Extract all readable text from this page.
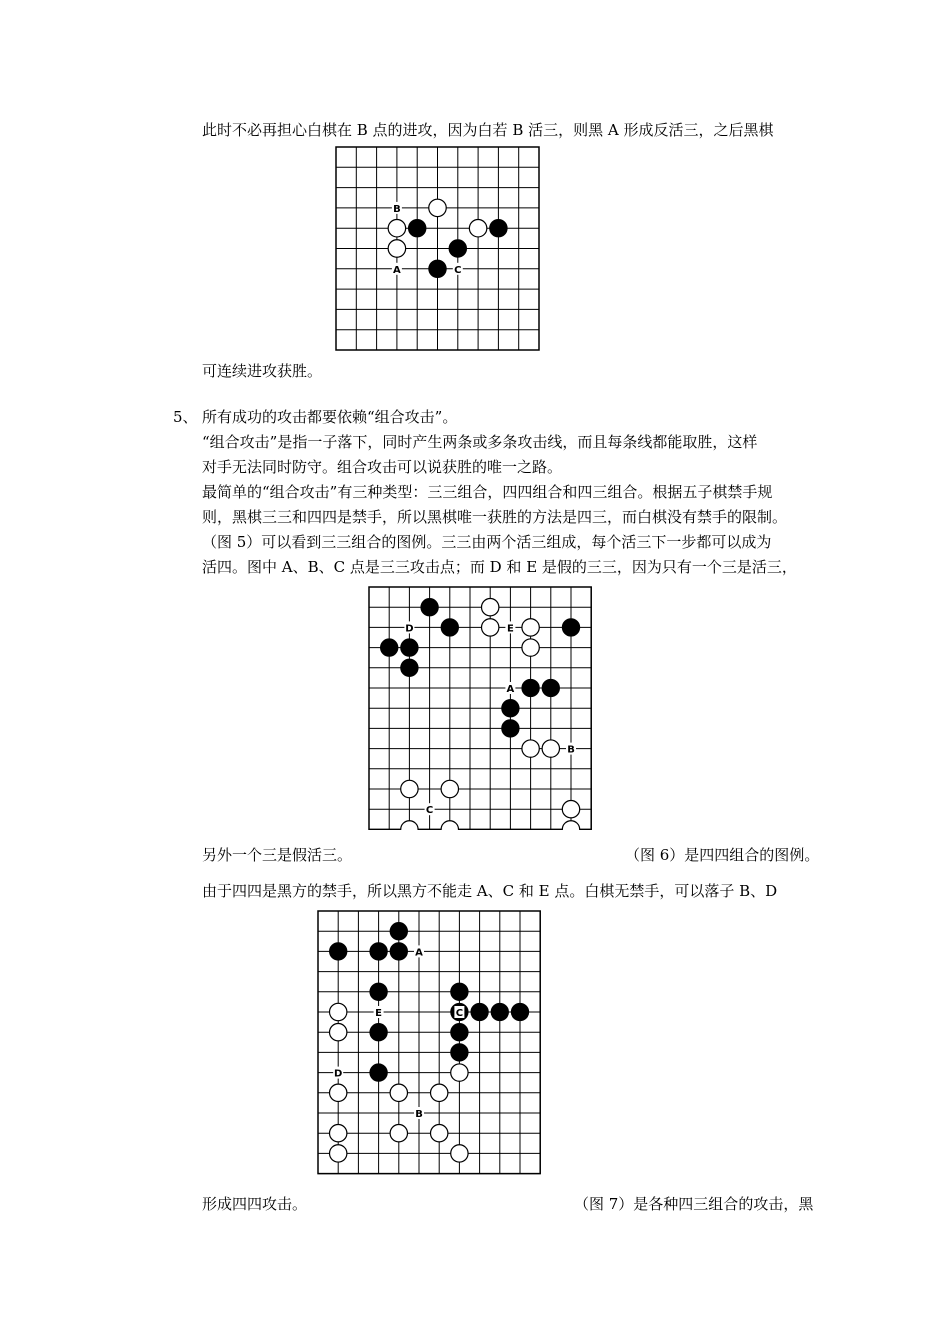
此时不必再担心白棋在 B 点的进攻，因为白若 B 活三，则黑 A 形成反活三，之后黑棋
B
A	C
可连续进攻获胜。
5、 所有成功的攻击都要依赖“组合攻击”。
“组合攻击”是指一子落下，同时产生两条或多条攻击线，而且每条线都能取胜，这样
对手无法同时防守。组合攻击可以说获胜的唯一之路。
最简单的“组合攻击”有三种类型：三三组合，四四组合和四三组合。根据五子棋禁手规
则，黑棋三三和四四是禁手，所以黑棋唯一获胜的方法是四三，而白棋没有禁手的限制。
（图 5）可以看到三三组合的图例。三三由两个活三组成，每个活三下一步都可以成为
活四。图中 A、B、C 点是三三攻击点；而 D 和 E 是假的三三，因为只有一个三是活三，
D	E
A
B
C
另外一个三是假活三。	（图 6）是四四组合的图例。
由于四四是黑方的禁手，所以黑方不能走 A、C 和 E 点。白棋无禁手，可以落子 B、D
A
E	C
D
B
形成四四攻击。	（图 7）是各种四三组合的攻击，黑
